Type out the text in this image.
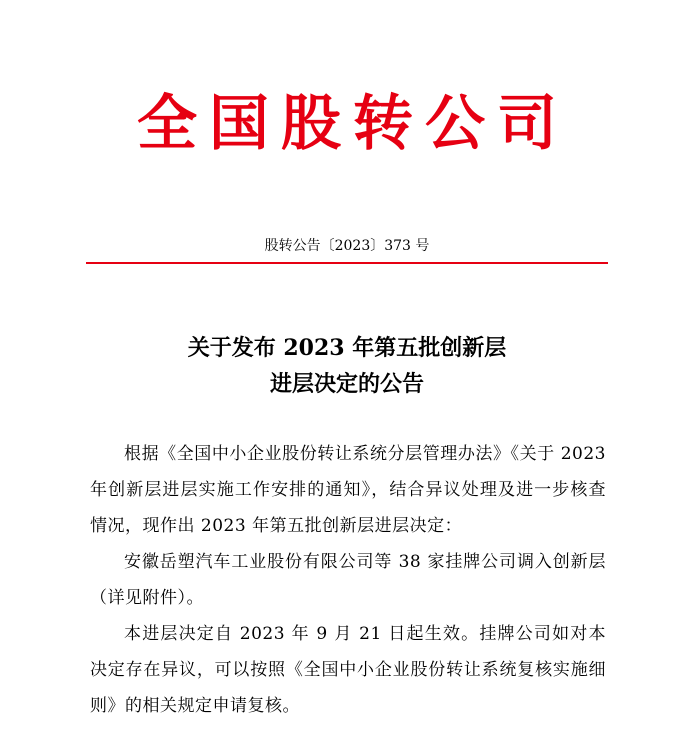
全国股转公司
股转公告〔2023〕373 号
关于发布 2023 年第五批创新层
进层决定的公告

根据《全国中小企业股份转让系统分层管理办法》《关于 2023 年创新层进层实施工作安排的通知》，结合异议处理及进一步核查情况，现作出 2023 年第五批创新层进层决定：

安徽岳塑汽车工业股份有限公司等 38 家挂牌公司调入创新层（详见附件）。

本进层决定自 2023 年 9 月 21 日起生效。挂牌公司如对本决定存在异议，可以按照《全国中小企业股份转让系统复核实施细则》的相关规定申请复核。
